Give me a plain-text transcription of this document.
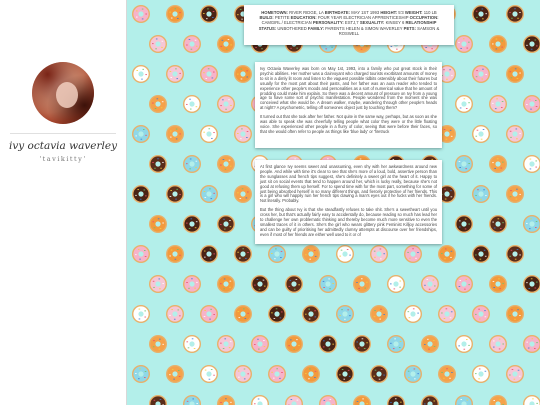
ivy octavia waverley
'tavikitty'
HOMETOWN: RIVER RIDGE, LA BIRTHDATE: MAY 1ST 1993 HEIGHT: 5'3 WEIGHT: 110 LB BUILD: PETITE EDUCATION: FOUR YEAR ELECTRICIAN APPRENTICESHIP OCCUPATION: CAMGIRL / ELECTRICIAN PERSONALITY: ESTJ,7 SEXUALITY: KINSEY 6 RELATIONSHIP STATUS: UNBOTHERED FAMILY: PARENTS HELEN & SIMON WAVERLEY PETS: SAMSON & ROSWELL

Ivy Octavia Waverley was born on May 1st, 1993, into a family who put great stock in their psychic abilities. Her mother was a clairvoyant who charged tourists exorbitant amounts of money to sit in a dimly lit room and listen to the vaguest possible tidbits ostensibly about their futures but usually for the most part about their pasts, and her father was an aura reader who tended to experience other people's moods and personalities as a sort of numerical value that he amount of prodding could make him explain. So there was a decent amount of pressure on Ivy from a young age to have some sort of psychic manifestation. People wondered from the moment she was conceived what she would be. A dream walker, maybe, wandering through other people's heads at night? A psychometric, telling off someones object just by touching them?

It turned out that she took after her father. Not quite in the same way, perhaps, but as soon as she was able to speak she was cheerfully telling people what color they were or the little floating voice. She experienced other people in a flurry of color, seeing that were before their faces, so that she would often refer to people as things like 'blue lady' or 'firetruck

At first glance Ivy seems sweet and unassuming, even shy with her awkwardness around new people. And while with time it's clear to see that she's more of a loud, bold, assertive person than the sunglasses and french tips suggest, she's definitely a sweet girl at the heart of it. Happy to just sit on social events that tend to happen around her, which is lucky really, because she's not good at refusing them up herself. For to spend time with for the most part, something for some of just being absorbed herself in so many different things, and fiercely protective of her friends. This is a girl who will happily ruin her french tips clawing a man's eyes out if he fucks with her friends. Not literally. Probably.

But the thing about Ivy is that she steadfastly refuses to take shit. She's a sweetheart until you cross her, but that's actually fairly easy to accidentally do, because reading so much has lead her to challenge her own problematic thinking and thereby become much more sensitive to even the smallest traces of it in others. She's the girl who wears glittery pink Feminist Killjoy accessories and can be guilty of prioritising her admittedly clumsy attempts at discourse over her friendships, even if most of her friends are either well used to it or of
